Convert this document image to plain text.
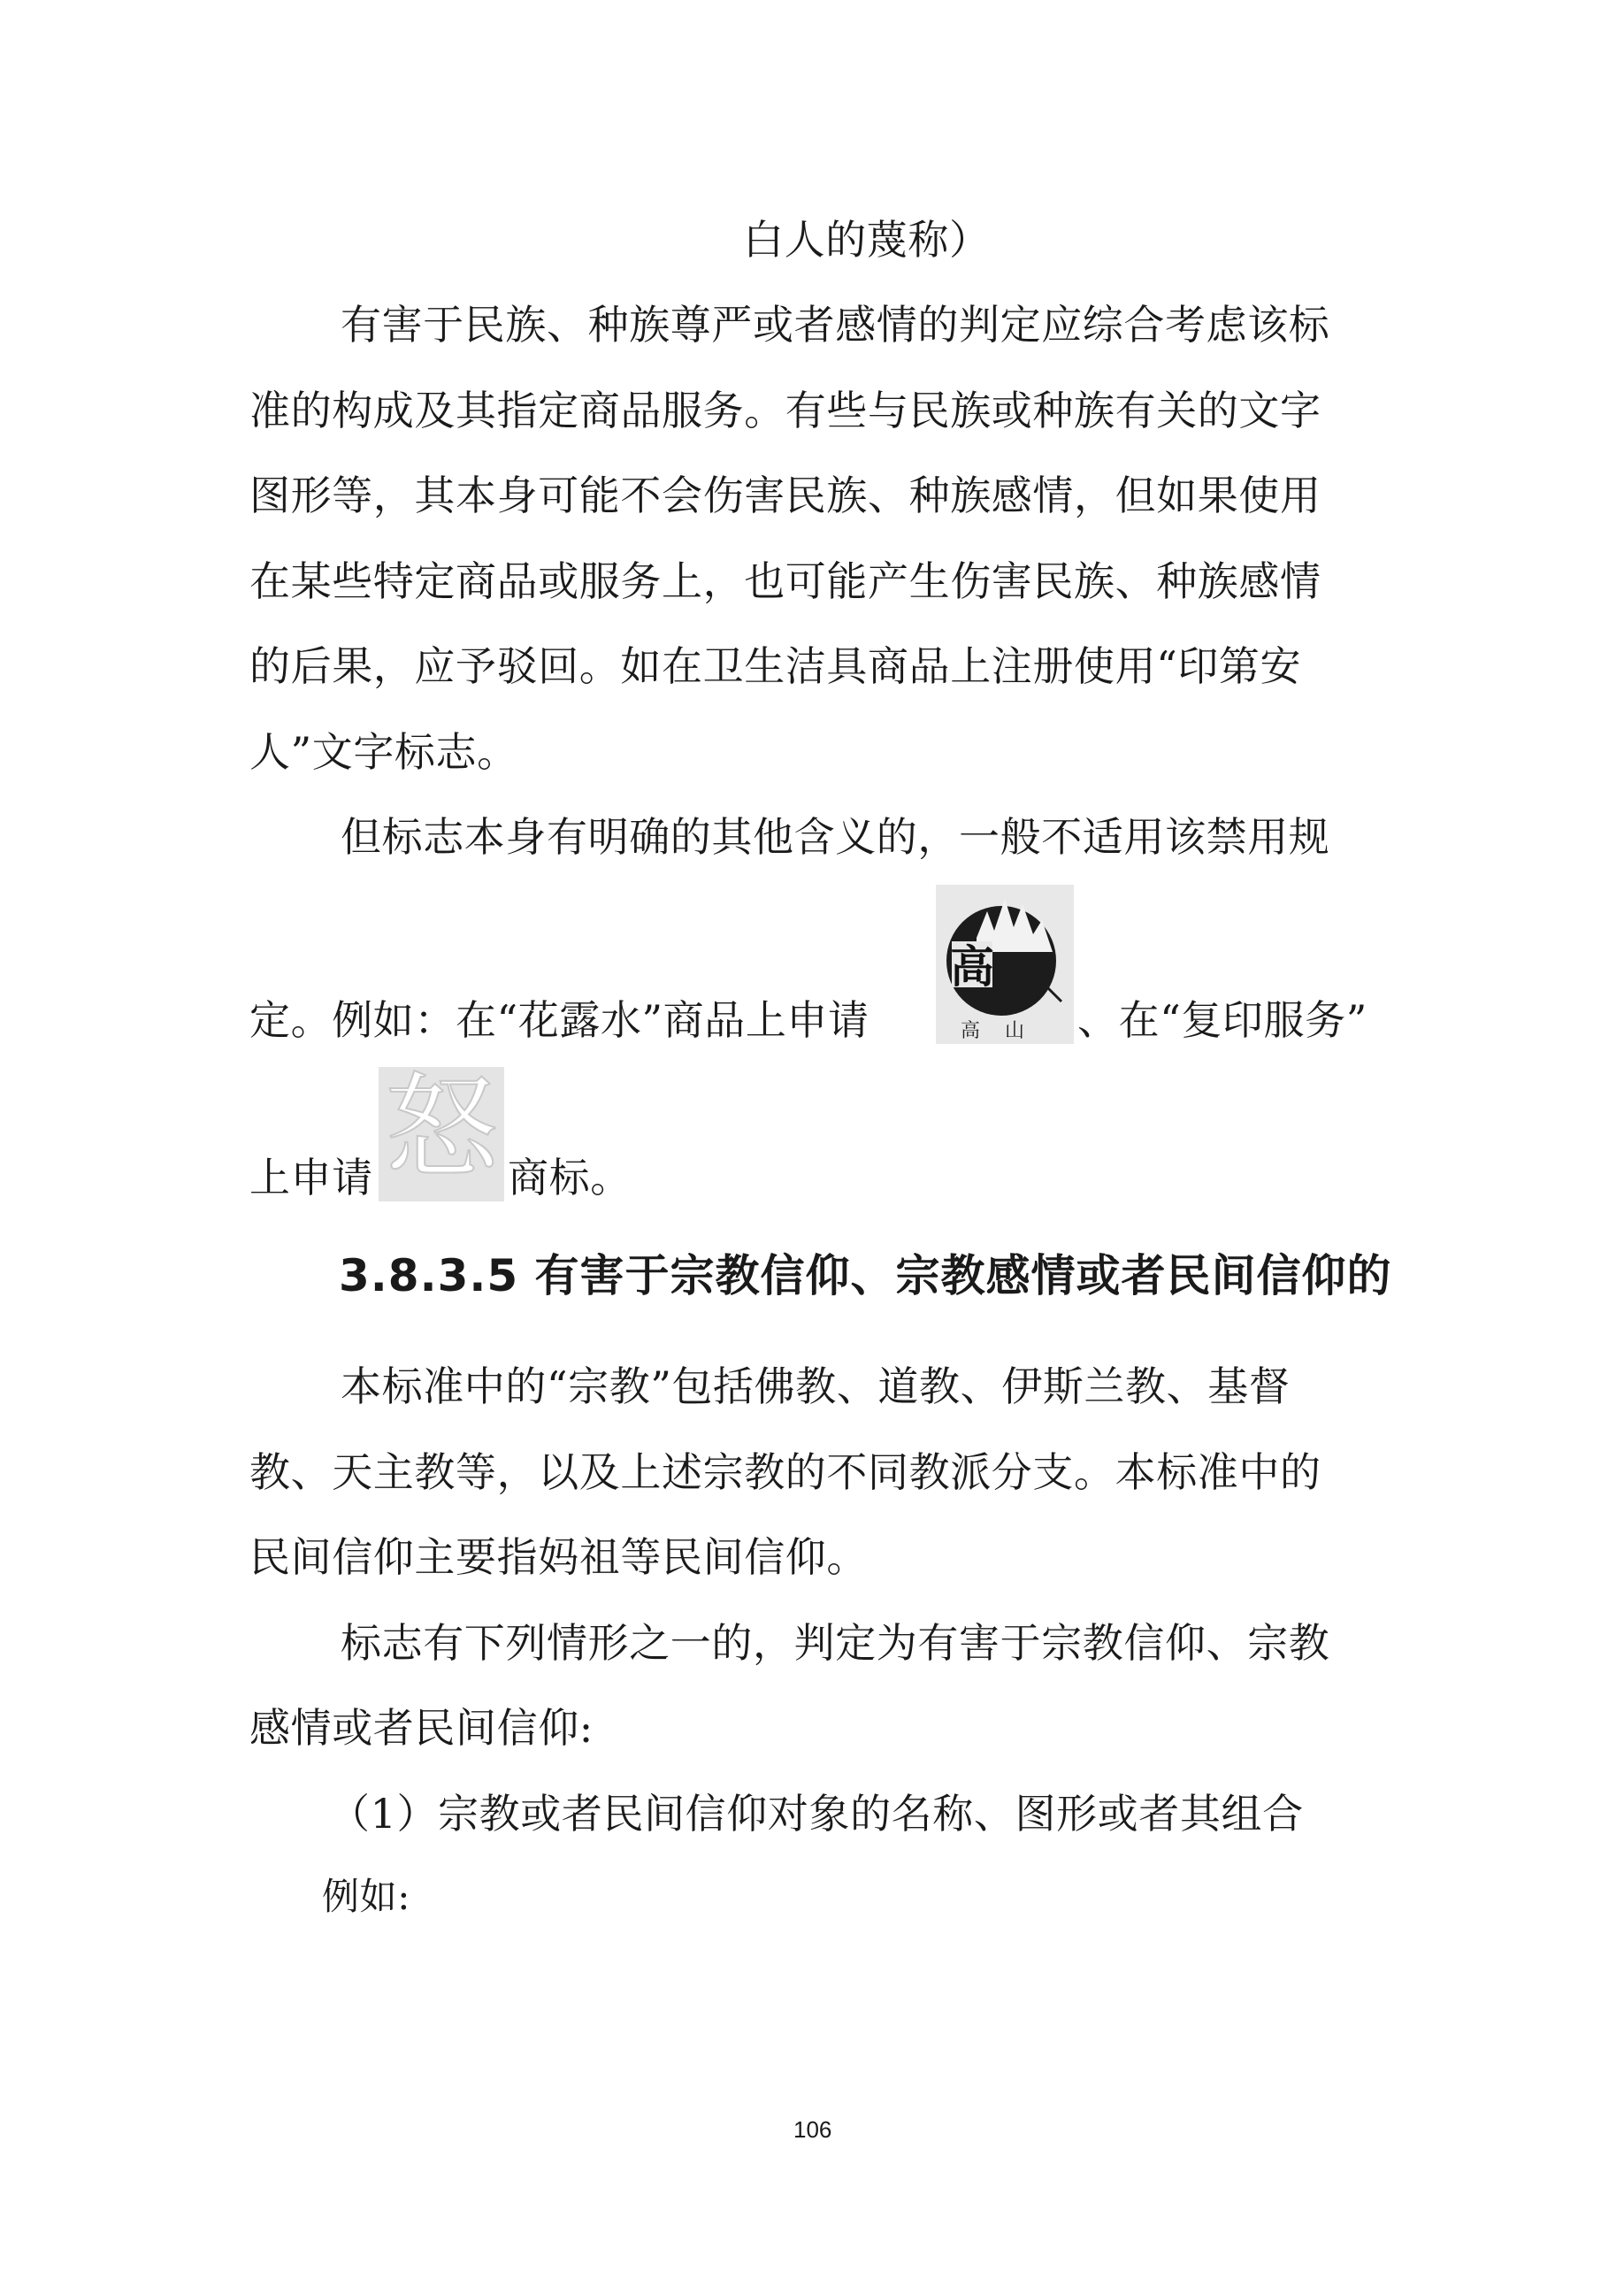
白人的蔑称）
有害于民族、种族尊严或者感情的判定应综合考虑该标
准的构成及其指定商品服务。有些与民族或种族有关的文字
图形等，其本身可能不会伤害民族、种族感情，但如果使用
在某些特定商品或服务上，也可能产生伤害民族、种族感情
的后果，应予驳回。如在卫生洁具商品上注册使用“印第安
人”文字标志。
但标志本身有明确的其他含义的，一般不适用该禁用规
定。例如：在“花露水”商品上申请
高
高山 、在“复印服务”
上申请 怒 商标。
3.8.3.5 有害于宗教信仰、宗教感情或者民间信仰的
本标准中的“宗教”包括佛教、道教、伊斯兰教、基督
教、天主教等，以及上述宗教的不同教派分支。本标准中的
民间信仰主要指妈祖等民间信仰。
标志有下列情形之一的，判定为有害于宗教信仰、宗教
感情或者民间信仰:
（1）宗教或者民间信仰对象的名称、图形或者其组合
例如:
106
